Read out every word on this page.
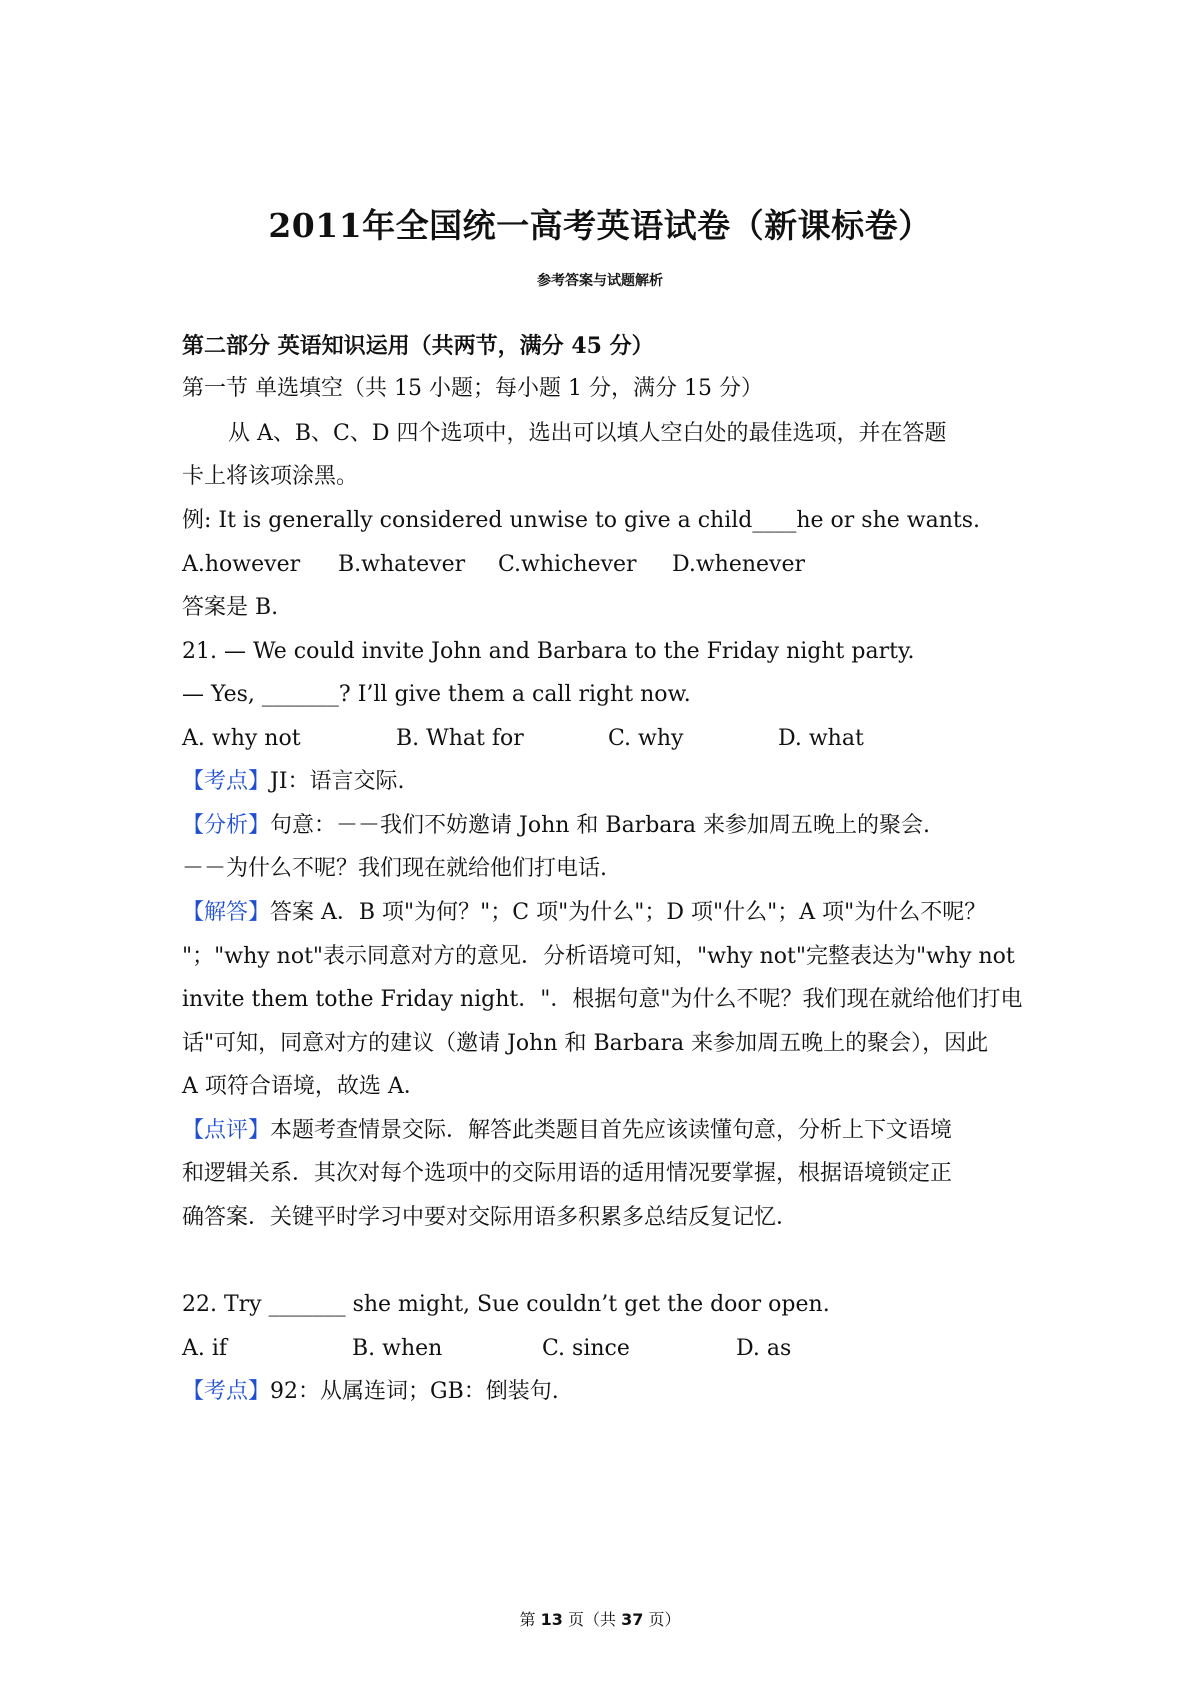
2011年全国统一高考英语试卷（新课标卷）
参考答案与试题解析
第二部分 英语知识运用（共两节，满分 45 分）
第一节 单选填空（共 15 小题；每小题 1 分，满分 15 分）
从 A、B、C、D 四个选项中，选出可以填人空白处的最佳选项，并在答题
卡上将该项涂黑。
例: It is generally considered unwise to give a child____he or she wants.
A.however	B.whatever	C.whichever	D.whenever
答案是 B.
21. — We could invite John and Barbara to the Friday night party.
— Yes, _______? I’ll give them a call right now.
A. why not	B. What for	C. why	D. what
【考点】JI：语言交际.
【分析】句意：－－我们不妨邀请 John 和 Barbara 来参加周五晚上的聚会.
－－为什么不呢？我们现在就给他们打电话.
【解答】答案 A．B 项"为何？"；C 项"为什么"；D 项"什么"；A 项"为什么不呢？
"；"why not"表示同意对方的意见．分析语境可知，"why not"完整表达为"why not
invite them tothe Friday night．"．根据句意"为什么不呢？我们现在就给他们打电
话"可知，同意对方的建议（邀请 John 和 Barbara 来参加周五晚上的聚会），因此
A 项符合语境，故选 A．
【点评】本题考查情景交际．解答此类题目首先应该读懂句意，分析上下文语境
和逻辑关系．其次对每个选项中的交际用语的适用情况要掌握，根据语境锁定正
确答案．关键平时学习中要对交际用语多积累多总结反复记忆．
22. Try _______ she might, Sue couldn’t get the door open.
A. if	B. when	C. since	D. as
【考点】92：从属连词；GB：倒装句.
第 13 页（共 37 页）
